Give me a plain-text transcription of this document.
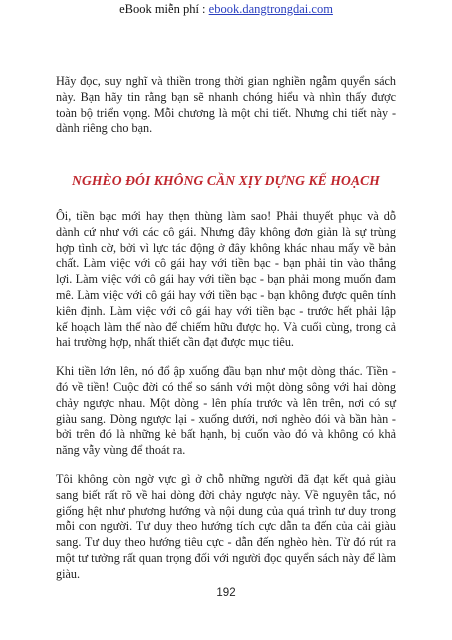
eBook miễn phí : ebook.dangtrongdai.com

Hãy đọc, suy nghĩ và thiền trong thời gian nghiền ngẫm quyển sách này. Bạn hãy tin rằng bạn sẽ nhanh chóng hiểu và nhìn thấy được toàn bộ triển vọng. Mỗi chương là một chi tiết. Nhưng chi tiết này - dành riêng cho bạn.

NGHÈO ĐÓI KHÔNG CẦN XỊY DỰNG KẾ HOẠCH

Ôi, tiền bạc mới hay thẹn thùng làm sao! Phải thuyết phục và dỗ dành cứ như với các cô gái. Nhưng đây không đơn giản là sự trùng hợp tình cờ, bởi vì lực tác động ở đây không khác nhau mấy về bản chất. Làm việc với cô gái hay với tiền bạc - bạn phải tin vào thắng lợi. Làm việc với cô gái hay với tiền bạc - bạn phải mong muốn đam mê. Làm việc với cô gái hay với tiền bạc - bạn không được quên tính kiên định. Làm việc với cô gái hay với tiền bạc - trước hết phải lập kế hoạch làm thế nào để chiếm hữu được họ. Và cuối cùng, trong cả hai trường hợp, nhất thiết cần đạt được mục tiêu.

Khi tiền lớn lên, nó đổ ập xuống đầu bạn như một dòng thác. Tiền - đó về tiền! Cuộc đời có thể so sánh với một dòng sông với hai dòng chảy ngược nhau. Một dòng - lên phía trước và lên trên, nơi có sự giàu sang. Dòng ngược lại - xuống dưới, nơi nghèo đói và bần hàn - bởi trên đó là những kẻ bất hạnh, bị cuốn vào đó và không có khả năng vẫy vùng để thoát ra.

Tôi không còn ngờ vực gì ở chỗ những người đã đạt kết quả giàu sang biết rất rõ về hai dòng đời chảy ngược này. Về nguyên tắc, nó giống hệt như phương hướng và nội dung của quá trình tư duy trong mỗi con người. Tư duy theo hướng tích cực dẫn ta đến của cải giàu sang. Tư duy theo hướng tiêu cực - dẫn đến nghèo hèn. Từ đó rút ra một tư tưởng rất quan trọng đối với người đọc quyển sách này để làm giàu.

192
